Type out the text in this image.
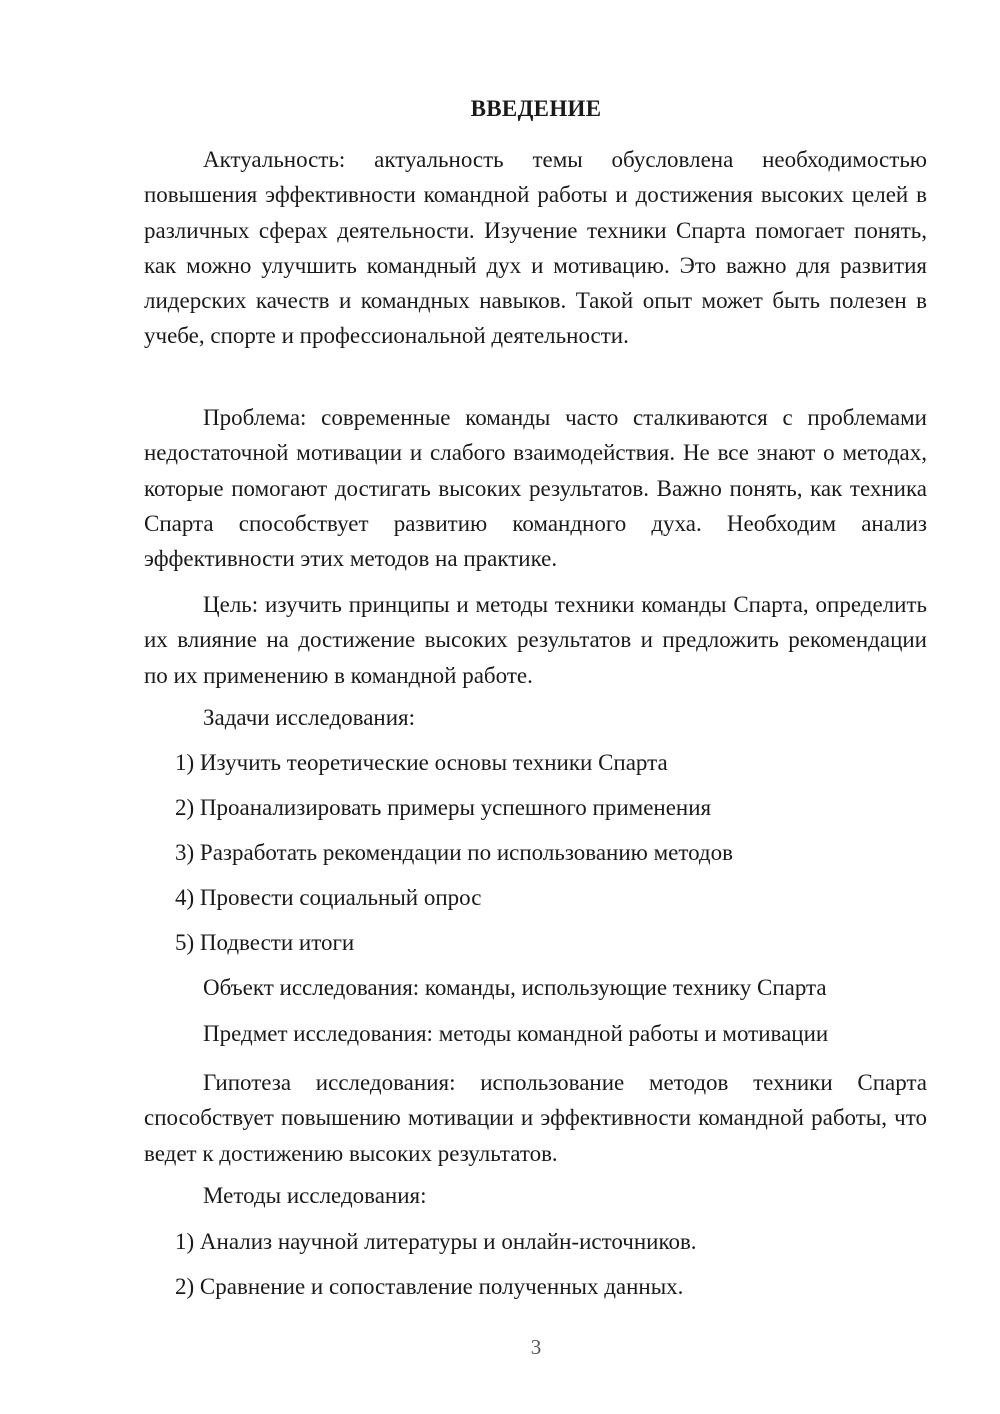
ВВЕДЕНИЕ

Актуальность: актуальность темы обусловлена необходимостью повышения эффективности командной работы и достижения высоких целей в различных сферах деятельности. Изучение техники Спарта помогает понять, как можно улучшить командный дух и мотивацию. Это важно для развития лидерских качеств и командных навыков. Такой опыт может быть полезен в учебе, спорте и профессиональной деятельности.

Проблема: современные команды часто сталкиваются с проблемами недостаточной мотивации и слабого взаимодействия. Не все знают о методах, которые помогают достигать высоких результатов. Важно понять, как техника Спарта способствует развитию командного духа. Необходим анализ эффективности этих методов на практике.

Цель: изучить принципы и методы техники команды Спарта, определить их влияние на достижение высоких результатов и предложить рекомендации по их применению в командной работе.

Задачи исследования:

1) Изучить теоретические основы техники Спарта

2) Проанализировать примеры успешного применения

3) Разработать рекомендации по использованию методов

4) Провести социальный опрос

5) Подвести итоги

Объект исследования: команды, использующие технику Спарта

Предмет исследования: методы командной работы и мотивации

Гипотеза исследования: использование методов техники Спарта способствует повышению мотивации и эффективности командной работы, что ведет к достижению высоких результатов.

Методы исследования:

1) Анализ научной литературы и онлайн-источников.

2) Сравнение и сопоставление полученных данных.

3
